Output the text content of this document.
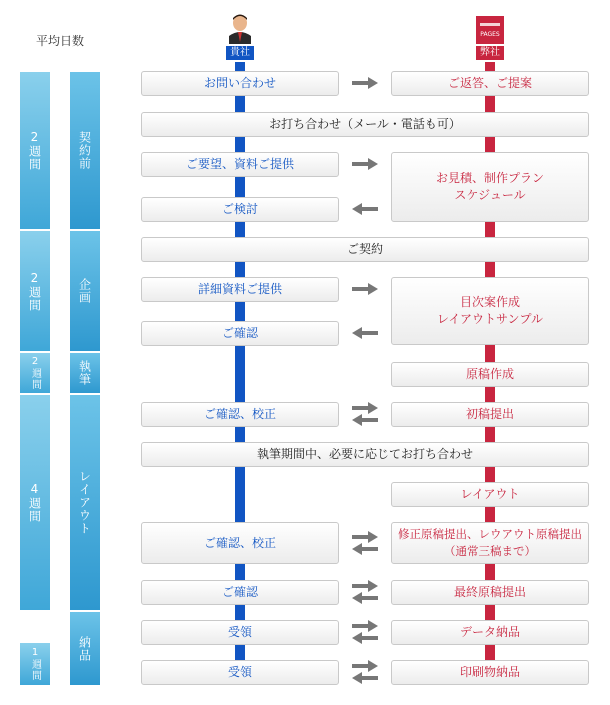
平均日数
貴社
PAGES
弊社
2週間
2週間
2週間
4週間
1週間
契約前
企画
執筆
レイアウト
納品
お問い合わせ	ご返答、ご提案
お打ち合わせ（メール・電話も可）
ご要望、資料ご提供
お見積、制作プラン
スケジュール
ご検討
ご契約
詳細資料ご提供
目次案作成
レイアウトサンプル
ご確認
原稿作成
ご確認、校正	初稿提出
執筆期間中、必要に応じてお打ち合わせ
レイアウト
ご確認、校正
修正原稿提出、レウアウト原稿提出
（通常三稿まで）
ご確認	最終原稿提出
受領	データ納品
受領	印刷物納品
